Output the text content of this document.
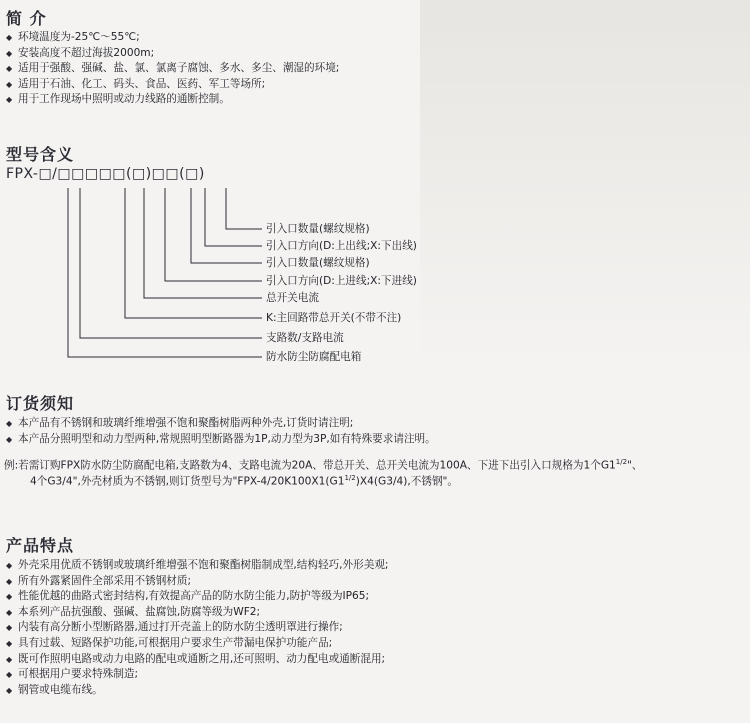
简 介
◆ 环境温度为-25℃～55℃;
◆ 安装高度不超过海拔2000m;
◆ 适用于强酸、强碱、盐、氯、氯离子腐蚀、多水、多尘、潮湿的环境;
◆ 适用于石油、化工、码头、食品、医药、军工等场所;
◆ 用于工作现场中照明或动力线路的通断控制。
型号含义
FPX-□/□□□□□(□)□□(□)
引入口数量(螺纹规格)
引入口方向(D:上出线;X:下出线)
引入口数量(螺纹规格)
引入口方向(D:上进线;X:下进线)
总开关电流
K:主回路带总开关(不带不注)
支路数/支路电流
防水防尘防腐配电箱
订货须知
◆ 本产品有不锈钢和玻璃纤维增强不饱和聚酯树脂两种外壳,订货时请注明;
◆ 本产品分照明型和动力型两种,常规照明型断路器为1P,动力型为3P,如有特殊要求请注明。
例:若需订购FPX防水防尘防腐配电箱,支路数为4、支路电流为20A、带总开关、总开关电流为100A、下进下出引入口规格为1个$G1^{1/2}$"、
4个G3/4",外壳材质为不锈钢,则订货型号为"$FPX-4/20K100X1(G1^{1/2})X4(G3/4)$,不锈钢"。
产品特点
◆ 外壳采用优质不锈钢或玻璃纤维增强不饱和聚酯树脂制成型,结构轻巧,外形美观;
◆ 所有外露紧固件全部采用不锈钢材质;
◆ 性能优越的曲路式密封结构,有效提高产品的防水防尘能力,防护等级为IP65;
◆ 本系列产品抗强酸、强碱、盐腐蚀,防腐等级为WF2;
◆ 内装有高分断小型断路器,通过打开壳盖上的防水防尘透明罩进行操作;
◆ 具有过载、短路保护功能,可根据用户要求生产带漏电保护功能产品;
◆ 既可作照明电路或动力电路的配电或通断之用,还可照明、动力配电或通断混用;
◆ 可根据用户要求特殊制造;
◆ 钢管或电缆布线。
